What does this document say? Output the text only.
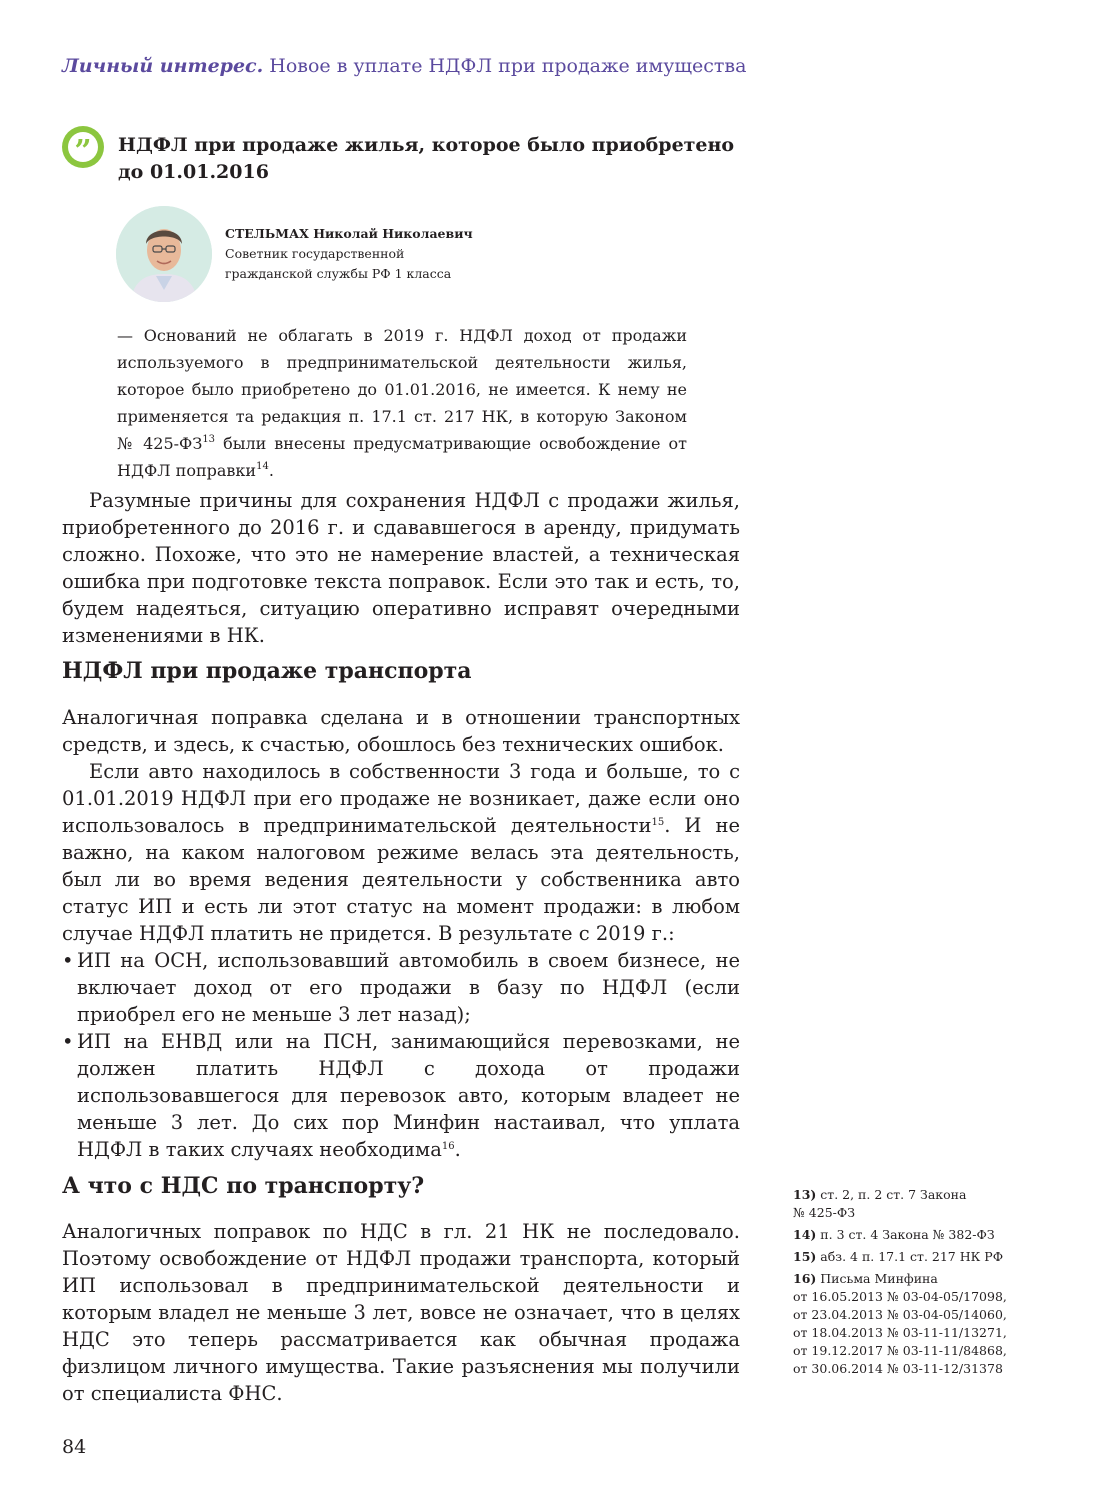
Личный интерес. Новое в уплате НДФЛ при продаже имущества
” НДФЛ при продаже жилья, которое было приобретено
до 01.01.2016
СТЕЛЬМАХ Николай Николаевич
Советник государственной
гражданской службы РФ 1 класса

— Оснований не облагать в 2019 г. НДФЛ доход от продажи используемого в предпринимательской деятельности жилья, которое было приобретено до 01.01.2016, не имеется. К нему не применяется та редакция п. 17.1 ст. 217 НК, в которую Законом № 425-ФЗ$^{13}$ были внесены предусматривающие освобождение от НДФЛ поправки$^{14}$.

Разумные причины для сохранения НДФЛ с продажи жилья, приобретенного до 2016 г. и сдававшегося в аренду, придумать сложно. Похоже, что это не намерение властей, а техническая ошибка при подготовке текста поправок. Если это так и есть, то, будем надеяться, ситуацию оперативно исправят очередными изменениями в НК.

НДФЛ при продаже транспорта

Аналогичная поправка сделана и в отношении транспортных средств, и здесь, к счастью, обошлось без технических ошибок.

Если авто находилось в собственности 3 года и больше, то с 01.01.2019 НДФЛ при его продаже не возникает, даже если оно использовалось в предпринимательской деятельности$^{15}$. И не важно, на каком налоговом режиме велась эта деятельность, был ли во время ведения деятельности у собственника авто статус ИП и есть ли этот статус на момент продажи: в любом случае НДФЛ платить не придется. В результате с 2019 г.:

• ИП на ОСН, использовавший автомобиль в своем бизнесе, не включает доход от его продажи в базу по НДФЛ (если приобрел его не меньше 3 лет назад);
• ИП на ЕНВД или на ПСН, занимающийся перевозками, не должен платить НДФЛ с дохода от продажи использовавшегося для перевозок авто, которым владеет не меньше 3 лет. До сих пор Минфин настаивал, что уплата НДФЛ в таких случаях необходима$^{16}$.
А что с НДС по транспорту?

Аналогичных поправок по НДС в гл. 21 НК не последовало. Поэтому освобождение от НДФЛ продажи транспорта, который ИП использовал в предпринимательской деятельности и которым владел не меньше 3 лет, вовсе не означает, что в целях НДС это теперь рассматривается как обычная продажа физлицом личного имущества. Такие разъяснения мы получили от специалиста ФНС.

13) ст. 2, п. 2 ст. 7 Закона
№ 425-ФЗ
14) п. 3 ст. 4 Закона № 382-ФЗ
15) абз. 4 п. 17.1 ст. 217 НК РФ
16) Письма Минфина
от 16.05.2013 № 03-04-05/17098,
от 23.04.2013 № 03-04-05/14060,
от 18.04.2013 № 03-11-11/13271,
от 19.12.2017 № 03-11-11/84868,
от 30.06.2014 № 03-11-12/31378
84
